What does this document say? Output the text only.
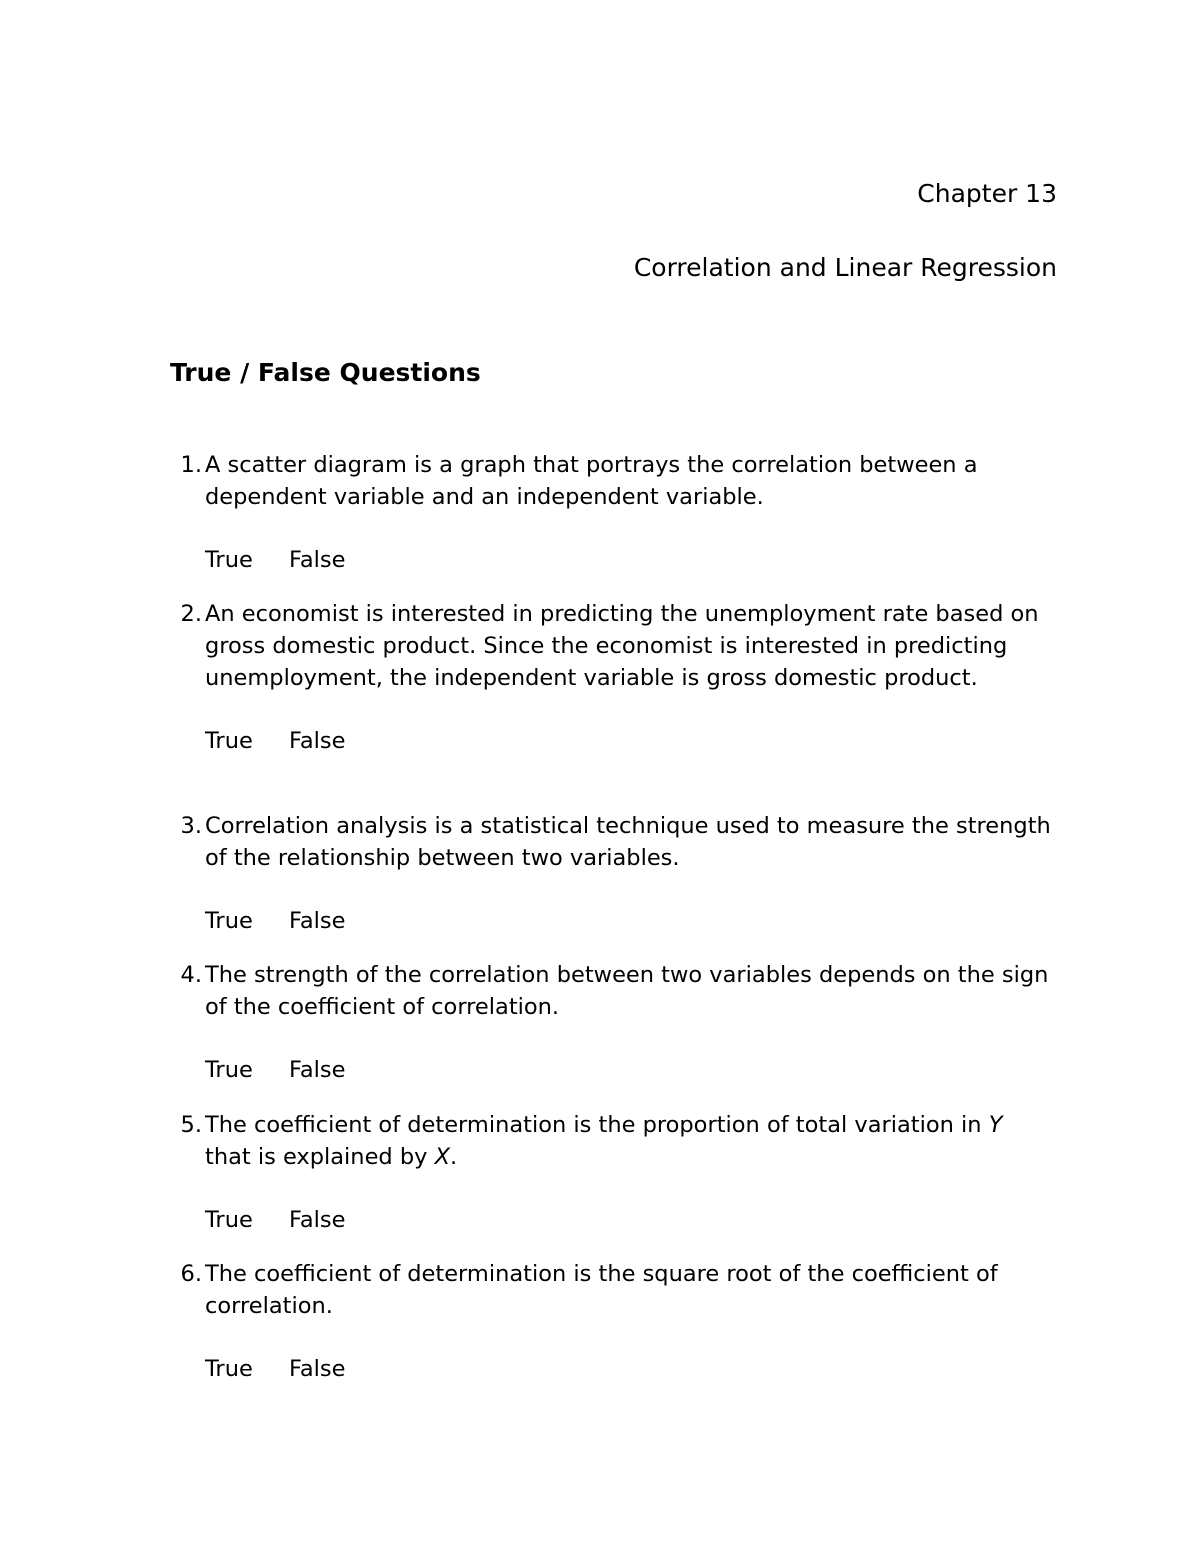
Chapter 13
Correlation and Linear Regression
True / False Questions
1. A scatter diagram is a graph that portrays the correlation between a dependent variable and an independent variable.
True False
2. An economist is interested in predicting the unemployment rate based on gross domestic product. Since the economist is interested in predicting unemployment, the independent variable is gross domestic product.
True False
3. Correlation analysis is a statistical technique used to measure the strength of the relationship between two variables.
True False
4. The strength of the correlation between two variables depends on the sign of the coefficient of correlation.
True False
5. The coefficient of determination is the proportion of total variation in Y that is explained by X.
True False
6. The coefficient of determination is the square root of the coefficient of correlation.
True False
